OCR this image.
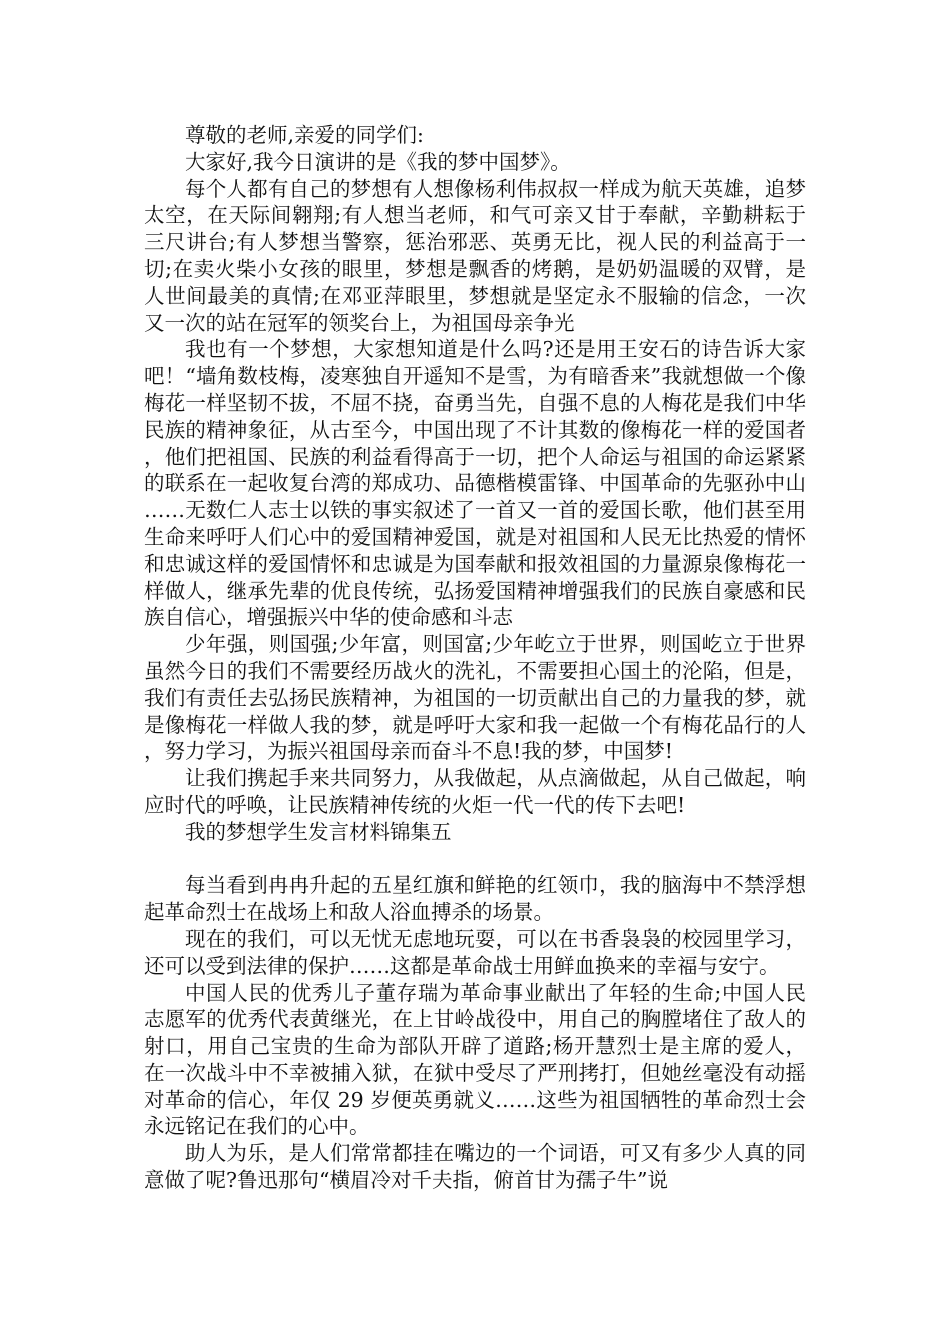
尊敬的老师,亲爱的同学们:

大家好,我今日演讲的是《我的梦中国梦》。

每个人都有自己的梦想有人想像杨利伟叔叔一样成为航天英雄，追梦太空，在天际间翱翔;有人想当老师，和气可亲又甘于奉献，辛勤耕耘于三尺讲台;有人梦想当警察，惩治邪恶、英勇无比，视人民的利益高于一切;在卖火柴小女孩的眼里，梦想是飘香的烤鹅，是奶奶温暖的双臂，是人世间最美的真情;在邓亚萍眼里，梦想就是坚定永不服输的信念，一次又一次的站在冠军的领奖台上，为祖国母亲争光

我也有一个梦想，大家想知道是什么吗?还是用王安石的诗告诉大家吧！“墙角数枝梅，凌寒独自开遥知不是雪，为有暗香来”我就想做一个像梅花一样坚韧不拔，不屈不挠，奋勇当先，自强不息的人梅花是我们中华民族的精神象征，从古至今，中国出现了不计其数的像梅花一样的爱国者，他们把祖国、民族的利益看得高于一切，把个人命运与祖国的命运紧紧的联系在一起收复台湾的郑成功、品德楷模雷锋、中国革命的先驱孙中山……无数仁人志士以铁的事实叙述了一首又一首的爱国长歌，他们甚至用生命来呼吁人们心中的爱国精神爱国，就是对祖国和人民无比热爱的情怀和忠诚这样的爱国情怀和忠诚是为国奉献和报效祖国的力量源泉像梅花一样做人，继承先辈的优良传统，弘扬爱国精神增强我们的民族自豪感和民族自信心，增强振兴中华的使命感和斗志

少年强，则国强;少年富，则国富;少年屹立于世界，则国屹立于世界虽然今日的我们不需要经历战火的洗礼，不需要担心国土的沦陷，但是，我们有责任去弘扬民族精神，为祖国的一切贡献出自己的力量我的梦，就是像梅花一样做人我的梦，就是呼吁大家和我一起做一个有梅花品行的人，努力学习，为振兴祖国母亲而奋斗不息!我的梦，中国梦!

让我们携起手来共同努力，从我做起，从点滴做起，从自己做起，响应时代的呼唤，让民族精神传统的火炬一代一代的传下去吧!

我的梦想学生发言材料锦集五

每当看到冉冉升起的五星红旗和鲜艳的红领巾，我的脑海中不禁浮想起革命烈士在战场上和敌人浴血搏杀的场景。

现在的我们，可以无忧无虑地玩耍，可以在书香袅袅的校园里学习，还可以受到法律的保护……这都是革命战士用鲜血换来的幸福与安宁。

中国人民的优秀儿子董存瑞为革命事业献出了年轻的生命;中国人民志愿军的优秀代表黄继光，在上甘岭战役中，用自己的胸膛堵住了敌人的射口，用自己宝贵的生命为部队开辟了道路;杨开慧烈士是主席的爱人，在一次战斗中不幸被捕入狱，在狱中受尽了严刑拷打，但她丝毫没有动摇对革命的信心，年仅 29 岁便英勇就义……这些为祖国牺牲的革命烈士会永远铭记在我们的心中。

助人为乐，是人们常常都挂在嘴边的一个词语，可又有多少人真的同意做了呢?鲁迅那句“横眉冷对千夫指，俯首甘为孺子牛”说
